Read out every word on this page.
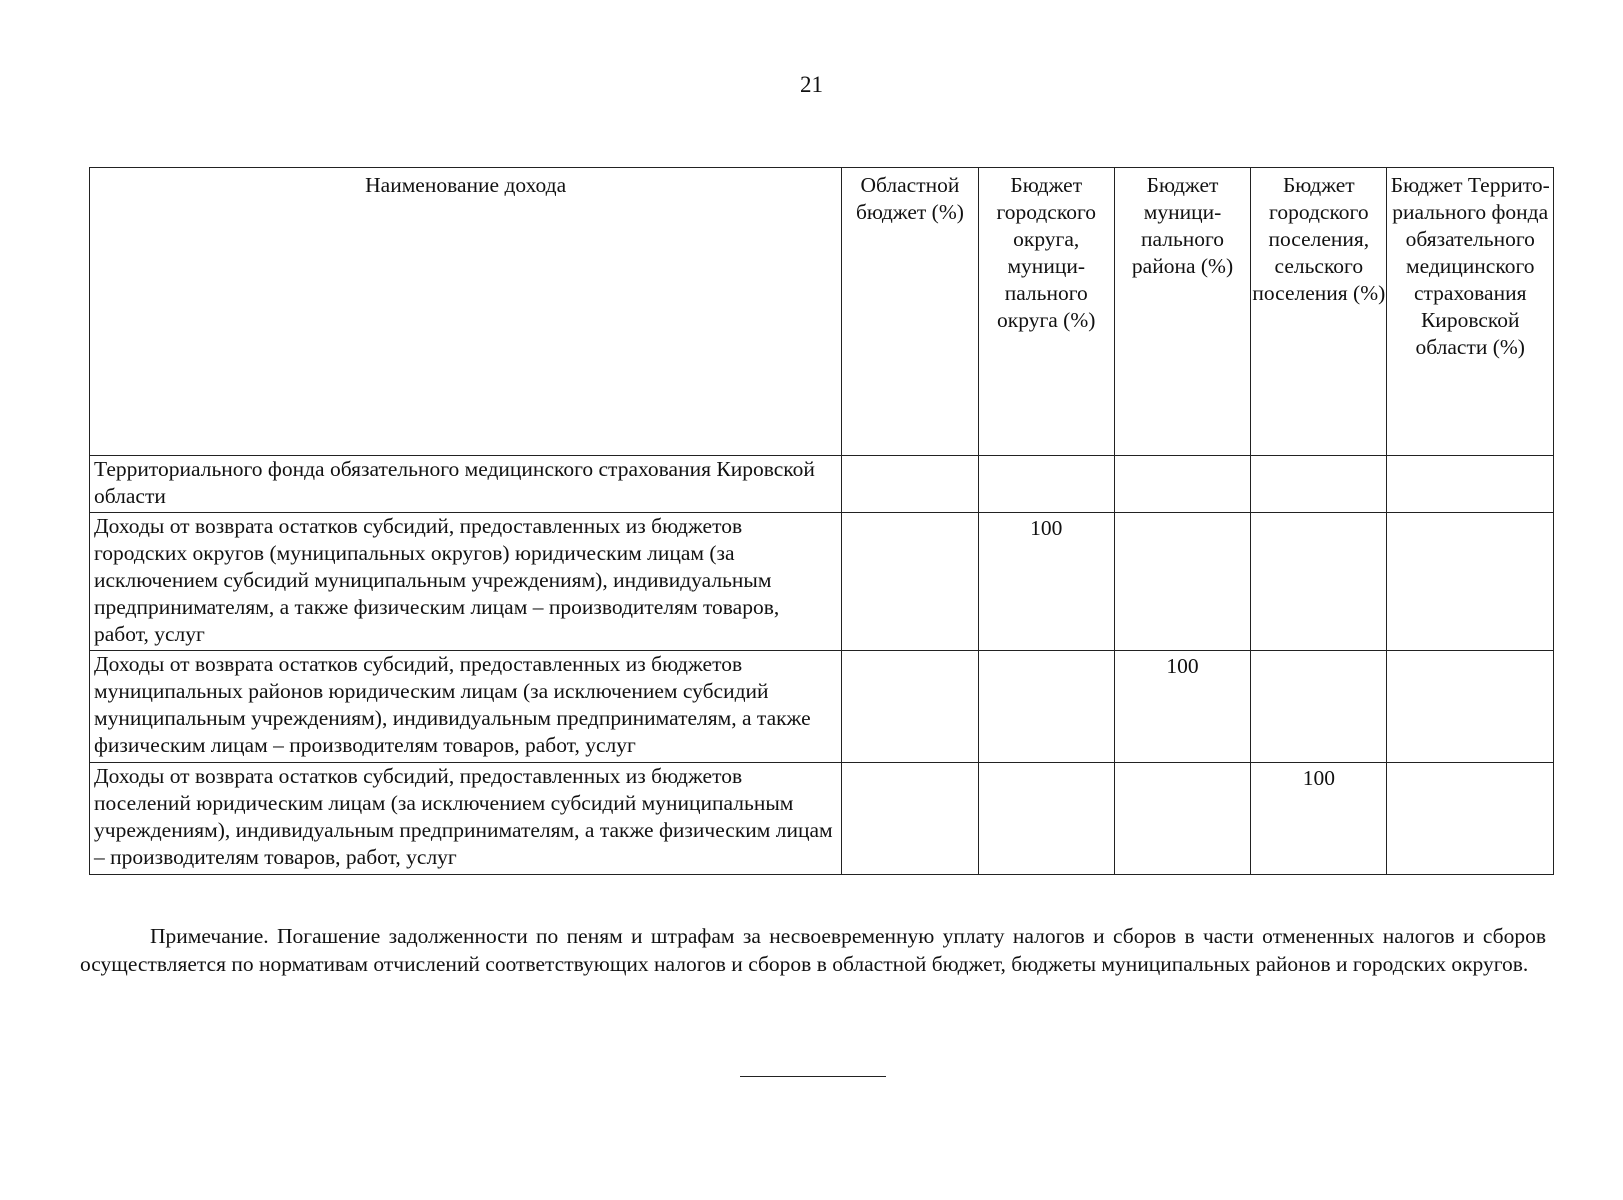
21
Наименование дохода	Областной бюджет (%)	Бюджет городского округа, муници-пального округа (%)	Бюджет муници-пального района (%)	Бюджет городского поселения, сельского поселения (%)	Бюджет Террито-риального фонда обязательного медицинского страхования Кировской области (%)
Территориального фонда обязательного медицинского страхования Кировской области					
Доходы от возврата остатков субсидий, предоставленных из бюджетов городских округов (муниципальных округов) юридическим лицам (за исключением субсидий муниципальным учреждениям), индивидуальным предпринимателям, а также физическим лицам – производителям товаров, работ, услуг		100			
Доходы от возврата остатков субсидий, предоставленных из бюджетов муниципальных районов юридическим лицам (за исключением субсидий муниципальным учреждениям), индивидуальным предпринимателям, а также физическим лицам – производителям товаров, работ, услуг			100		
Доходы от возврата остатков субсидий, предоставленных из бюджетов поселений юридическим лицам (за исключением субсидий муниципальным учреждениям), индивидуальным предпринимателям, а также физическим лицам – производителям товаров, работ, услуг				100	

Примечание. Погашение задолженности по пеням и штрафам за несвоевременную уплату налогов и сборов в части отмененных налогов и сборов осуществляется по нормативам отчислений соответствующих налогов и сборов в областной бюджет, бюджеты муниципальных районов и городских округов.
